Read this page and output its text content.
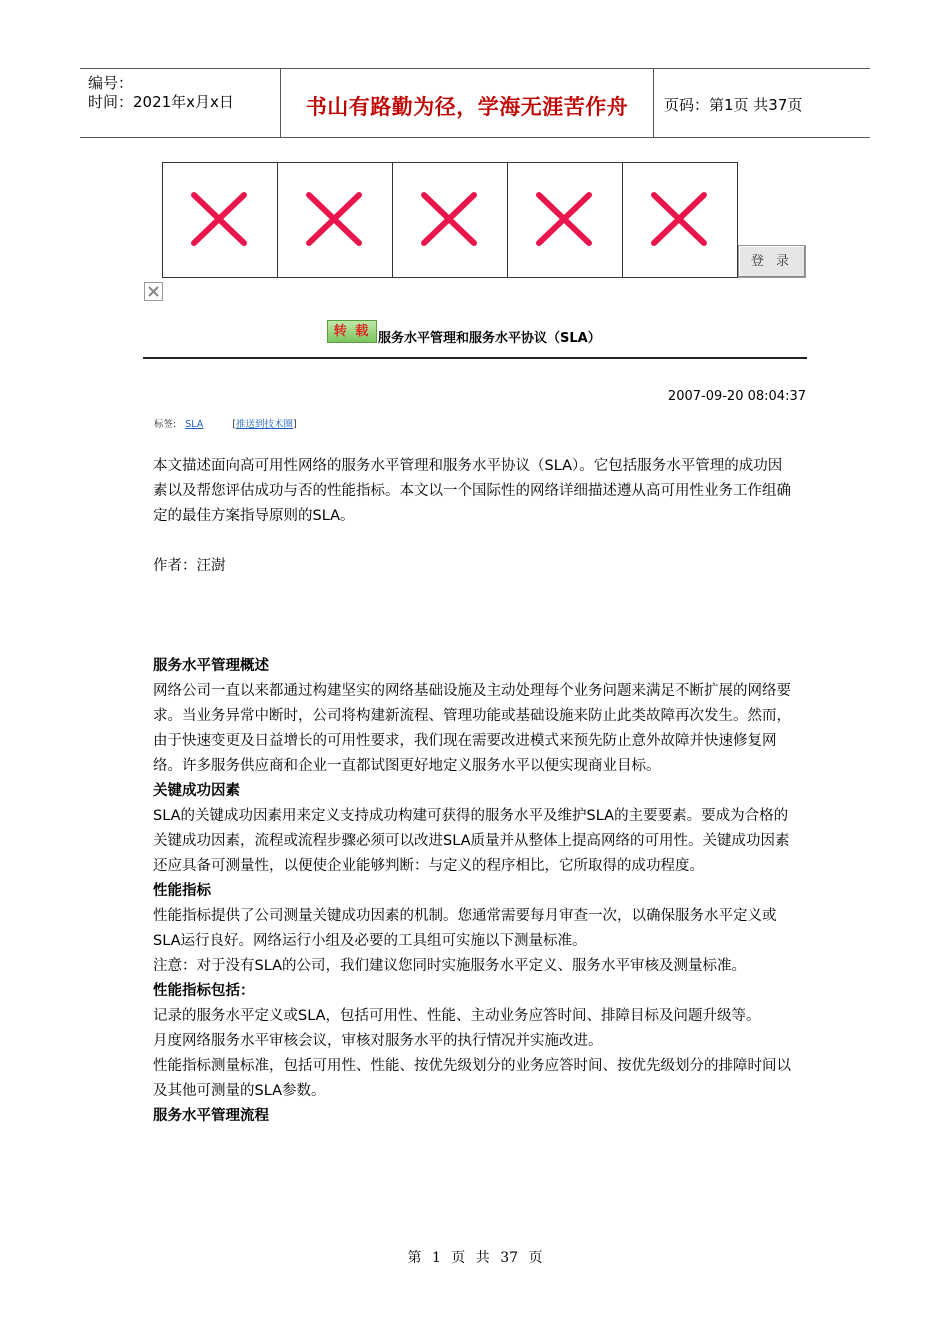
编号：
时间：2021年x月x日	书山有路勤为径，学海无涯苦作舟	页码：第1页 共37页
登 录
转 载 服务水平管理和服务水平协议（SLA）
2007-09-20 08:04:37
标签: SLA	[推送到技术圈]
本文描述面向高可用性网络的服务水平管理和服务水平协议（SLA）。它包括服务水平管理的成功因素以及帮您评估成功与否的性能指标。本文以一个国际性的网络详细描述遵从高可用性业务工作组确定的最佳方案指导原则的SLA。
作者：汪澍

服务水平管理概述

网络公司一直以来都通过构建坚实的网络基础设施及主动处理每个业务问题来满足不断扩展的网络要求。当业务异常中断时，公司将构建新流程、管理功能或基础设施来防止此类故障再次发生。然而，由于快速变更及日益增长的可用性要求，我们现在需要改进模式来预先防止意外故障并快速修复网络。许多服务供应商和企业一直都试图更好地定义服务水平以便实现商业目标。

关键成功因素

SLA的关键成功因素用来定义支持成功构建可获得的服务水平及维护SLA的主要要素。要成为合格的关键成功因素，流程或流程步骤必须可以改进SLA质量并从整体上提高网络的可用性。关键成功因素还应具备可测量性，以便使企业能够判断：与定义的程序相比，它所取得的成功程度。

性能指标

性能指标提供了公司测量关键成功因素的机制。您通常需要每月审查一次，以确保服务水平定义或SLA运行良好。网络运行小组及必要的工具组可实施以下测量标准。

注意：对于没有SLA的公司，我们建议您同时实施服务水平定义、服务水平审核及测量标准。

性能指标包括：

记录的服务水平定义或SLA，包括可用性、性能、主动业务应答时间、排障目标及问题升级等。

月度网络服务水平审核会议，审核对服务水平的执行情况并实施改进。

性能指标测量标准，包括可用性、性能、按优先级划分的业务应答时间、按优先级划分的排障时间以及其他可测量的SLA参数。

服务水平管理流程

第 1 页 共 37 页
